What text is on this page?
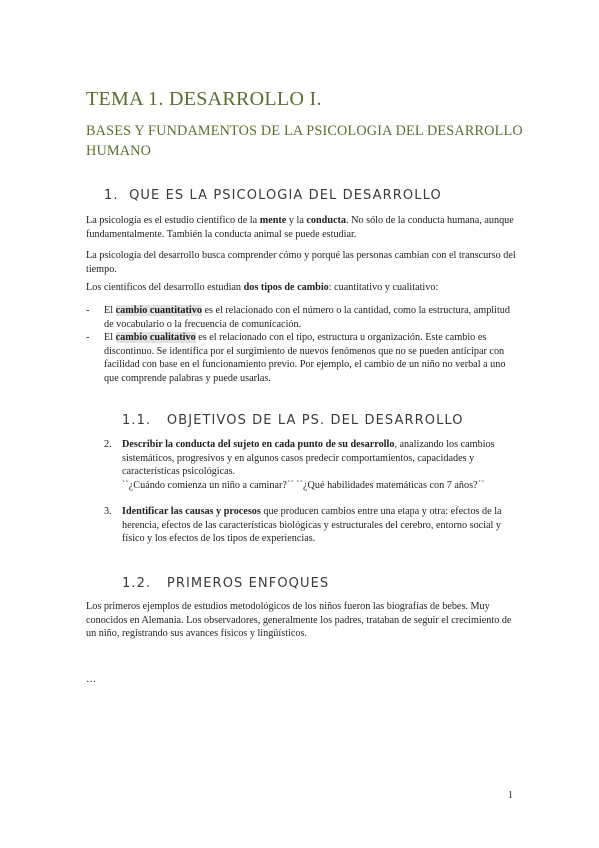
TEMA 1. DESARROLLO I.
BASES Y FUNDAMENTOS DE LA PSICOLOGIA DEL DESARROLLO HUMANO
1. QUE ES LA PSICOLOGIA DEL DESARROLLO

La psicología es el estudio científico de la mente y la conducta. No sólo de la conducta humana, aunque fundamentalmente. También la conducta animal se puede estudiar.

La psicología del desarrollo busca comprender cómo y porqué las personas cambian con el transcurso del tiempo.

Los científicos del desarrollo estudian dos tipos de cambio: cuantitativo y cualitativo:

- El cambio cuantitativo es el relacionado con el número o la cantidad, como la estructura, amplitud de vocabulario o la frecuencia de comunicación.
- El cambio cualitativo es el relacionado con el tipo, estructura u organización. Este cambio es discontinuo. Se identifica por el surgimiento de nuevos fenómenos que no se pueden anticipar con facilidad con base en el funcionamiento previo. Por ejemplo, el cambio de un niño no verbal a uno que comprende palabras y puede usarlas.
1.1. OBJETIVOS DE LA PS. DEL DESARROLLO
2. Describir la conducta del sujeto en cada punto de su desarrollo, analizando los cambios sistemáticos, progresivos y en algunos casos predecir comportamientos, capacidades y características psicológicas.
``¿Cuándo comienza un niño a caminar?´´ ``¿Qué habilidades matemáticas con 7 años?´´
3. Identificar las causas y procesos que producen cambios entre una etapa y otra: efectos de la herencia, efectos de las características biológicas y estructurales del cerebro, entorno social y físico y los efectos de los tipos de experiencias.
1.2. PRIMEROS ENFOQUES

Los primeros ejemplos de estudios metodológicos de los niños fueron las biografías de bebes. Muy conocidos en Alemania. Los observadores, generalmente los padres, trataban de seguir el crecimiento de un niño, registrando sus avances físicos y lingüísticos.

…

1
